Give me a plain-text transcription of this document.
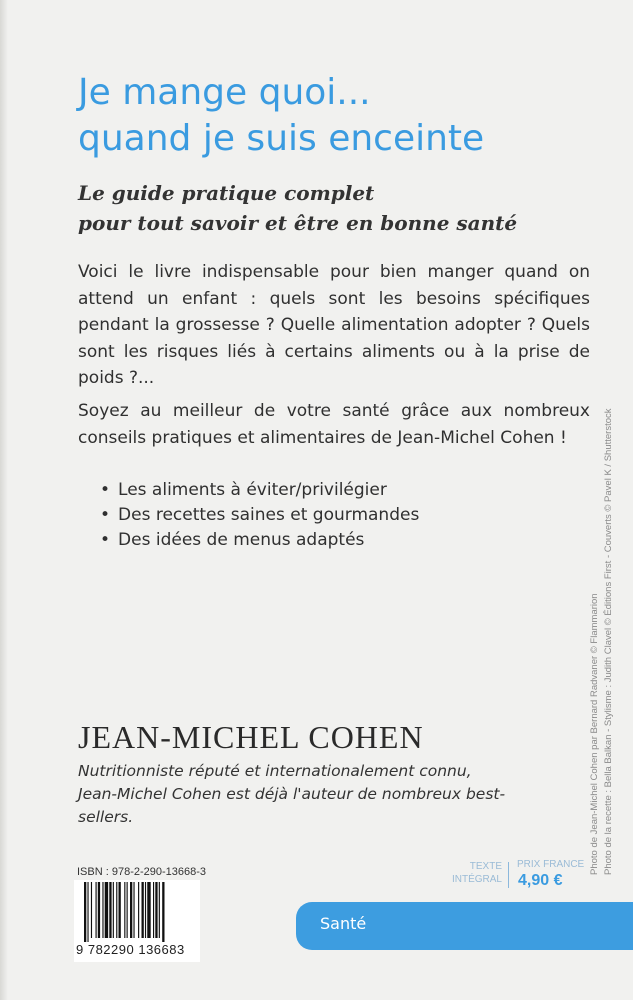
Je mange quoi...
quand je suis enceinte
Le guide pratique complet
pour tout savoir et être en bonne santé

Voici le livre indispensable pour bien manger quand on attend un enfant : quels sont les besoins spécifiques pendant la grossesse ? Quelle alimentation adopter ? Quels sont les risques liés à certains aliments ou à la prise de poids ?...

Soyez au meilleur de votre santé grâce aux nombreux conseils pratiques et alimentaires de Jean-Michel Cohen !

• Les aliments à éviter/privilégier
• Des recettes saines et gourmandes
• Des idées de menus adaptés
JEAN-MICHEL COHEN
Nutritionniste réputé et internationalement connu, Jean-Michel Cohen est déjà l'auteur de nombreux best-sellers.	Photo de Jean-Michel Cohen par Bernard Radvaner © Flammarion Photo de la recette : Bella Balkan - Stylisme : Judith Clavel © Éditions First - Couverts © Pavel K / Shutterstock
ISBN : 978-2-290-13668-3
9 782290 136683
TEXTE
INTÉGRAL
PRIX FRANCE
4,90 €
Santé
